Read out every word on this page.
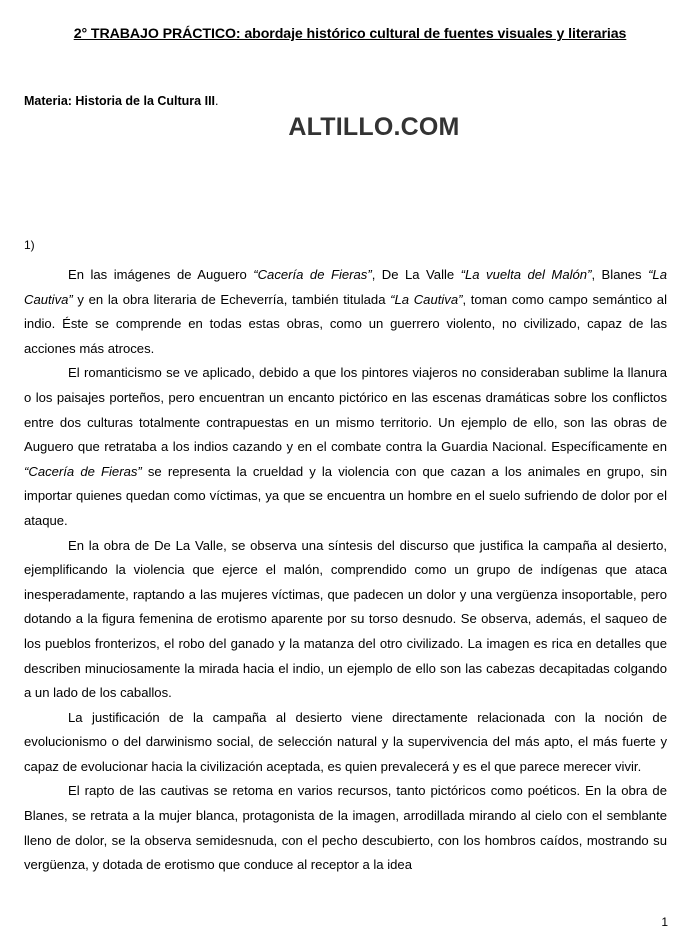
2° TRABAJO PRÁCTICO: abordaje histórico cultural de fuentes visuales y literarias
Materia: Historia de la Cultura III.
ALTILLO.COM
1)

En las imágenes de Auguero “Cacería de Fieras”, De La Valle “La vuelta del Malón”, Blanes “La Cautiva” y en la obra literaria de Echeverría, también titulada “La Cautiva”, toman como campo semántico al indio. Éste se comprende en todas estas obras, como un guerrero violento, no civilizado, capaz de las acciones más atroces.

El romanticismo se ve aplicado, debido a que los pintores viajeros no consideraban sublime la llanura o los paisajes porteños, pero encuentran un encanto pictórico en las escenas dramáticas sobre los conflictos entre dos culturas totalmente contrapuestas en un mismo territorio. Un ejemplo de ello, son las obras de Auguero que retrataba a los indios cazando y en el combate contra la Guardia Nacional. Específicamente en “Cacería de Fieras” se representa la crueldad y la violencia con que cazan a los animales en grupo, sin importar quienes quedan como víctimas, ya que se encuentra un hombre en el suelo sufriendo de dolor por el ataque.

En la obra de De La Valle, se observa una síntesis del discurso que justifica la campaña al desierto, ejemplificando la violencia que ejerce el malón, comprendido como un grupo de indígenas que ataca inesperadamente, raptando a las mujeres víctimas, que padecen un dolor y una vergüenza insoportable, pero dotando a la figura femenina de erotismo aparente por su torso desnudo. Se observa, además, el saqueo de los pueblos fronterizos, el robo del ganado y la matanza del otro civilizado. La imagen es rica en detalles que describen minuciosamente la mirada hacia el indio, un ejemplo de ello son las cabezas decapitadas colgando a un lado de los caballos.

La justificación de la campaña al desierto viene directamente relacionada con la noción de evolucionismo o del darwinismo social, de selección natural y la supervivencia del más apto, el más fuerte y capaz de evolucionar hacia la civilización aceptada, es quien prevalecerá y es el que parece merecer vivir.

El rapto de las cautivas se retoma en varios recursos, tanto pictóricos como poéticos. En la obra de Blanes, se retrata a la mujer blanca, protagonista de la imagen, arrodillada mirando al cielo con el semblante lleno de dolor, se la observa semidesnuda, con el pecho descubierto, con los hombros caídos, mostrando su vergüenza, y dotada de erotismo que conduce al receptor a la idea

1
